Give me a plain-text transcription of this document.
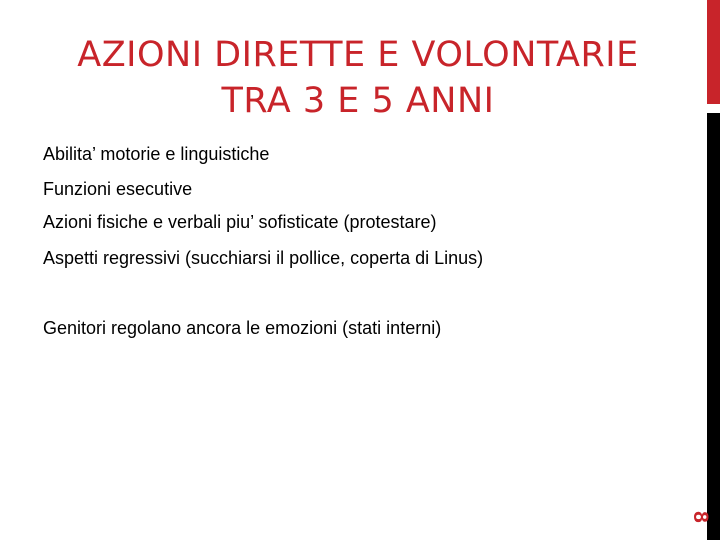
AZIONI DIRETTE E VOLONTARIE
TRA 3 E 5 ANNI
Abilita’ motorie e linguistiche
Funzioni esecutive
Azioni fisiche e verbali piu’ sofisticate (protestare)
Aspetti regressivi (succhiarsi il pollice, coperta di Linus)
Genitori regolano ancora le emozioni (stati interni)
8
